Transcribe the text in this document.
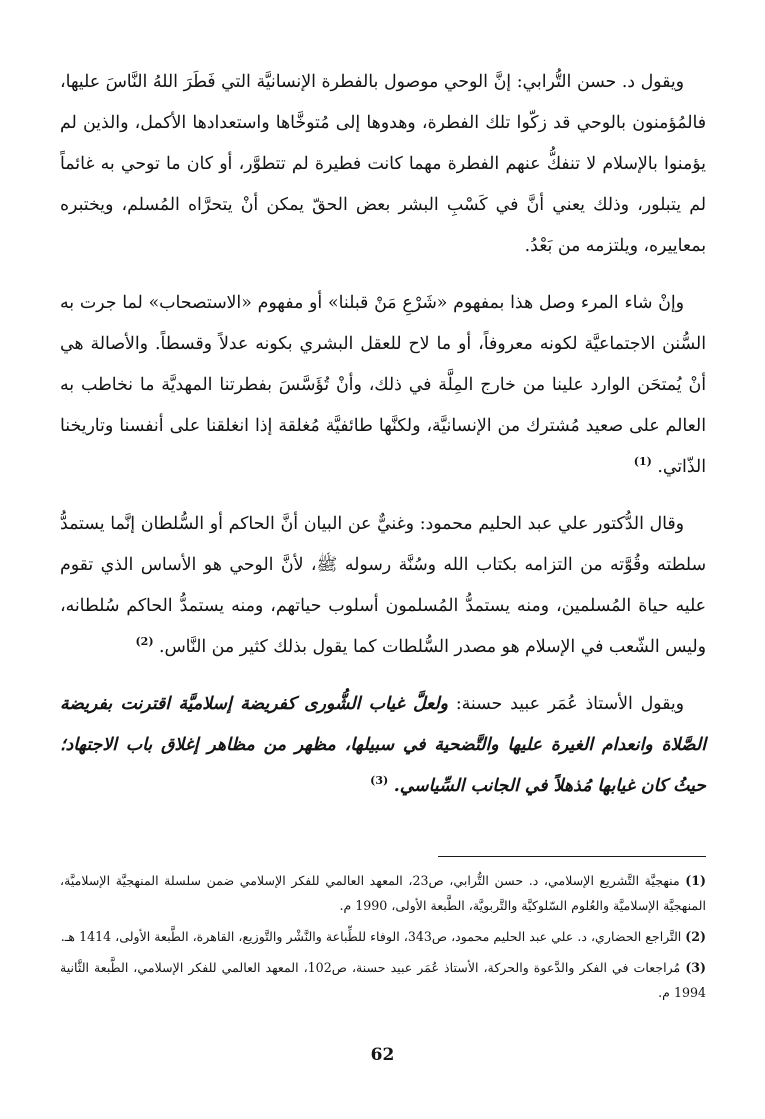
ويقول د. حسن التُّرابي: إنَّ الوحي موصول بالفطرة الإنسانيَّة التي فَطَرَ اللهُ النَّاسَ عليها، فالمُؤمنون بالوحي قد زكّوا تلك الفطرة، وهدوها إلى مُتوخَّاها واستعدادها الأكمل، والذين لم يؤمنوا بالإسلام لا تنفكُّ عنهم الفطرة مهما كانت فطيرة لم تتطوَّر، أو كان ما توحي به غائماً لم يتبلور، وذلك يعني أنَّ في كَسْبِ البشر بعض الحقّ يمكن أنْ يتحرَّاه المُسلم، ويختبره بمعاييره، ويلتزمه من بَعْدُ.

وإنْ شاء المرء وصل هذا بمفهوم «شَرْعِ مَنْ قبلنا» أو مفهوم «الاستصحاب» لما جرت به السُّنن الاجتماعيَّة لكونه معروفاً، أو ما لاح للعقل البشري بكونه عدلاً وقسطاً. والأصالة هي أنْ يُمتحَن الوارد علينا من خارج المِلَّة في ذلك، وأنْ تُؤَسَّسَ بفطرتنا المهديَّة ما نخاطب به العالم على صعيد مُشترك من الإنسانيَّة، ولكنَّها طائفيَّة مُغلقة إذا انغلقنا على أنفسنا وتاريخنا الذّاتي. $^{(1)}$

وقال الدُّكتور علي عبد الحليم محمود: وغنيٌّ عن البيان أنَّ الحاكم أو السُّلطان إنَّما يستمدُّ سلطته وقُوَّته من التزامه بكتاب الله وسُنَّة رسوله ﷺ، لأنَّ الوحي هو الأساس الذي تقوم عليه حياة المُسلمين، ومنه يستمدُّ المُسلمون أسلوب حياتهم، ومنه يستمدُّ الحاكم سُلطانه، وليس الشّعب في الإسلام هو مصدر السُّلطات كما يقول بذلك كثير من النَّاس. $^{(2)}$

ويقول الأستاذ عُمَر عبيد حسنة: ولعلَّ غياب الشُّورى كفريضة إسلاميَّة اقترنت بفريضة الصَّلاة وانعدام الغيرة عليها والتَّضحية في سبيلها، مظهر من مظاهر إغلاق باب الاجتهاد؛ حيثُ كان غيابها مُذهلاً في الجانب السِّياسي. $^{(3)}$

(1) منهجيَّة التَّشريع الإسلامي، د. حسن التُّرابي، ص23، المعهد العالمي للفكر الإسلامي ضمن سلسلة المنهجيَّة الإسلاميَّة، المنهجيَّة الإسلاميَّة والعُلوم السّلوكيَّة والتَّربويَّة، الطَّبعة الأولى، 1990 م.

(2) التَّراجع الحضاري، د. علي عبد الحليم محمود، ص343، الوفاء للطِّباعة والنَّشْر والتَّوزيع، القاهرة، الطَّبعة الأولى، 1414 هـ.

(3) مُراجعات في الفكر والدَّعوة والحركة، الأستاذ عُمَر عبيد حسنة، ص102، المعهد العالمي للفكر الإسلامي، الطَّبعة الثَّانية 1994 م.

62
